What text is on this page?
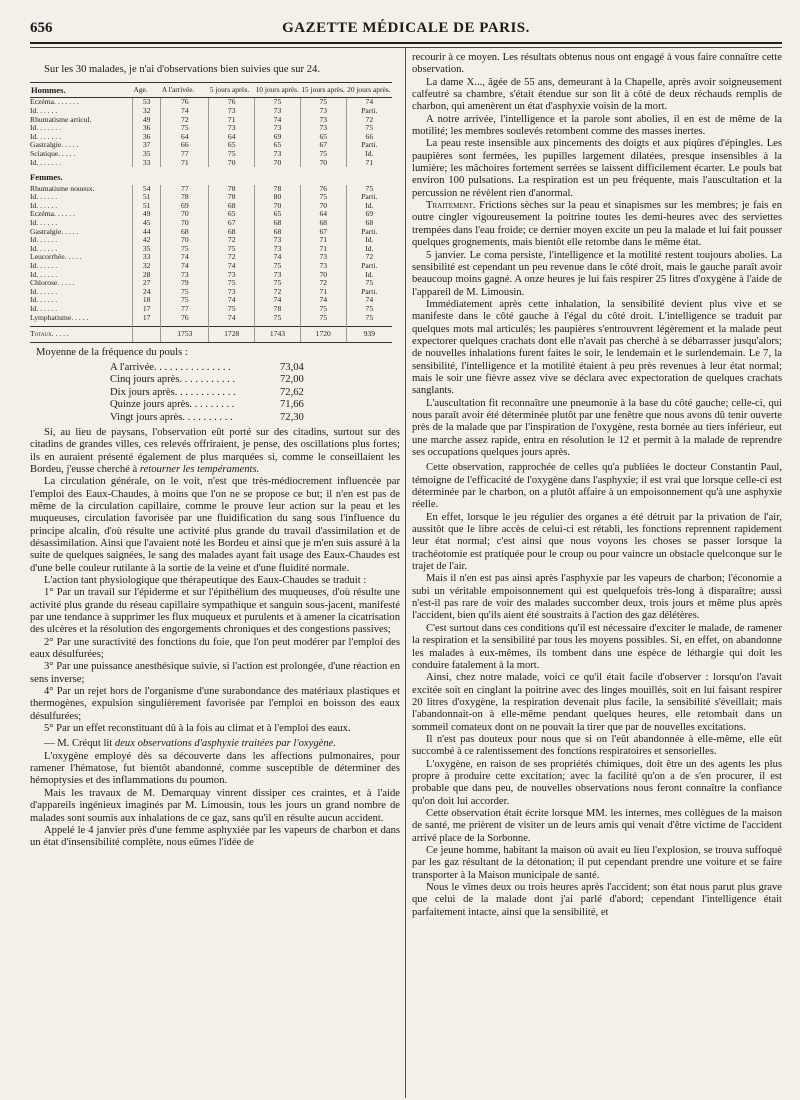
656	GAZETTE MÉDICALE DE PARIS.

Sur les 30 malades, je n'ai d'observations bien suivies que sur 24.

Hommes.	Age.	A l'arrivée.	5 jours après.	10 jours après.	15 jours après.	20 jours après.
Eczéma. . . . . . .	53	76	76	75	75	74
Id. . . . . .	32	74	73	73	73	Parti.
Rhumatisme articul.	49	72	71	74	73	72
Id. . . . . . .	36	75	73	73	73	75
Id. . . . . . .	36	64	64	69	65	66
Gastralgie. . . . .	37	66	65	65	67	Parti.
Sciatique. . . . .	35	77	75	73	75	Id.
Id. . . . . . .	33	71	70	70	70	71
Femmes.						
Rhumatisme noueux.	54	77	78	78	76	75
Id. . . . . .	51	78	78	80	75	Parti.
Id. . . . . .	51	69	68	70	70	Id.
Eczéma. . . . . .	49	70	65	65	64	69
Id. . . . . .	45	70	67	68	68	68
Gastralgie. . . . .	44	68	68	68	67	Parti.
Id. . . . . .	42	70	72	73	71	Id.
Id. . . . . .	35	75	75	73	71	Id.
Leucorrhée. . . . .	33	74	72	74	73	72
Id. . . . . .	32	74	74	75	73	Parti.
Id. . . . . .	28	73	73	73	70	Id.
Chlorose. . . . .	27	79	75	75	72	75
Id. . . . . .	24	75	73	72	71	Parti.
Id. . . . . .	18	75	74	74	74	74
Id. . . . . .	17	77	75	78	75	75
Lymphatisme. . . . .	17	76	74	75	75	75

Totaux. . . . .		1753	1728	1743	1720	939

Moyenne de la fréquence du pouls :

A l'arrivée. . . . . . . . . . . . . . .	73,04
Cinq jours après. . . . . . . . . . .	72,00
Dix jours après. . . . . . . . . . . .	72,62
Quinze jours après. . . . . . . . .	71,66
Vingt jours après. . . . . . . . . .	72,30

Si, au lieu de paysans, l'observation eût porté sur des citadins, surtout sur des citadins de grandes villes, ces relevés offriraient, je pense, des oscillations plus fortes; ils en auraient présenté également de plus marquées si, comme le conseillaient les Bordeu, j'eusse cherché à retourner les tempéraments.

La circulation générale, on le voit, n'est que très-médiocrement influencée par l'emploi des Eaux-Chaudes, à moins que l'on ne se propose ce but; il n'en est pas de même de la circulation capillaire, comme le prouve leur action sur la peau et les muqueuses, circulation favorisée par une fluidification du sang sous l'influence du principe alcalin, d'où résulte une activité plus grande du travail d'assimilation et de désassimilation. Ainsi que l'avaient noté les Bordeu et ainsi que je m'en suis assuré à la suite de quelques saignées, le sang des malades ayant fait usage des Eaux-Chaudes est d'une belle couleur rutilante à la sortie de la veine et d'une fluidité normale.

L'action tant physiologique que thérapeutique des Eaux-Chaudes se traduit :

1° Par un travail sur l'épiderme et sur l'épithélium des muqueuses, d'où résulte une activité plus grande du réseau capillaire sympathique et sanguin sous-jacent, manifesté par une tendance à supprimer les flux muqueux et purulents et à amener la cicatrisation des ulcères et la résolution des engorgements chroniques et des congestions passives;

2° Par une suractivité des fonctions du foie, que l'on peut modérer par l'emploi des eaux désulfurées;

3° Par une puissance anesthésique suivie, si l'action est prolongée, d'une réaction en sens inverse;

4° Par un rejet hors de l'organisme d'une surabondance des matériaux plastiques et thermogènes, expulsion singulièrement favorisée par l'emploi en boisson des eaux désulfurées;

5° Par un effet reconstituant dû à la fois au climat et à l'emploi des eaux.

— M. Créqut lit deux observations d'asphyxie traitées par l'oxygène.

L'oxygène employé dès sa découverte dans les affections pulmonaires, pour ramener l'hématose, fut bientôt abandonné, comme susceptible de déterminer des hémoptysies et des inflammations du poumon.

Mais les travaux de M. Demarquay vinrent dissiper ces craintes, et à l'aide d'appareils ingénieux imaginés par M. Limousin, tous les jours un grand nombre de malades sont soumis aux inhalations de ce gaz, sans qu'il en résulte aucun accident.

Appelé le 4 janvier près d'une femme asphyxiée par les vapeurs de charbon et dans un état d'insensibilité complète, nous eûmes l'idée de

recourir à ce moyen. Les résultats obtenus nous ont engagé à vous faire connaître cette observation.

La dame X..., âgée de 55 ans, demeurant à la Chapelle, après avoir soigneusement calfeutré sa chambre, s'était étendue sur son lit à côté de deux réchauds remplis de charbon, qui amenèrent un état d'asphyxie voisin de la mort.

A notre arrivée, l'intelligence et la parole sont abolies, il en est de même de la motilité; les membres soulevés retombent comme des masses inertes.

La peau reste insensible aux pincements des doigts et aux piqûres d'épingles. Les paupières sont fermées, les pupilles largement dilatées, presque insensibles à la lumière; les mâchoires fortement serrées se laissent difficilement écarter. Le pouls bat environ 100 pulsations. La respiration est un peu fréquente, mais l'auscultation et la percussion ne révèlent rien d'anormal.

Traitement. Frictions sèches sur la peau et sinapismes sur les membres; je fais en outre cingler vigoureusement la poitrine toutes les demi-heures avec des serviettes trempées dans l'eau froide; ce dernier moyen excite un peu la malade et lui fait pousser quelques grognements, mais bientôt elle retombe dans le même état.

5 janvier. Le coma persiste, l'intelligence et la motilité restent toujours abolies. La sensibilité est cependant un peu revenue dans le côté droit, mais le gauche paraît avoir beaucoup moins gagné. A onze heures je lui fais respirer 25 litres d'oxygène à l'aide de l'appareil de M. Limousin.

Immédiatement après cette inhalation, la sensibilité devient plus vive et se manifeste dans le côté gauche à l'égal du côté droit. L'intelligence se traduit par quelques mots mal articulés; les paupières s'entrouvrent légèrement et la malade peut expectorer quelques crachats dont elle n'avait pas cherché à se débarrasser jusqu'alors; de nouvelles inhalations furent faites le soir, le lendemain et le surlendemain. Le 7, la sensibilité, l'intelligence et la motilité étaient à peu près revenues à leur état normal; mais le soir une fièvre assez vive se déclara avec expectoration de quelques crachats sanglants.

L'auscultation fit reconnaître une pneumonie à la base du côté gauche; celle-ci, qui nous paraît avoir été déterminée plutôt par une fenêtre que nous avons dû tenir ouverte près de la malade que par l'inspiration de l'oxygène, resta bornée au tiers inférieur, eut une marche assez rapide, entra en résolution le 12 et permit à la malade de reprendre ses occupations quelques jours après.

Cette observation, rapprochée de celles qu'a publiées le docteur Constantin Paul, témoigne de l'efficacité de l'oxygène dans l'asphyxie; il est vrai que lorsque celle-ci est déterminée par le charbon, on a plutôt affaire à un empoisonnement qu'à une asphyxie réelle.

En effet, lorsque le jeu régulier des organes a été détruit par la privation de l'air, aussitôt que le libre accès de celui-ci est rétabli, les fonctions reprennent rapidement leur état normal; c'est ainsi que nous voyons les choses se passer lorsque la trachéotomie est pratiquée pour le croup ou pour vaincre un obstacle quelconque sur le trajet de l'air.

Mais il n'en est pas ainsi après l'asphyxie par les vapeurs de charbon; l'économie a subi un véritable empoisonnement qui est quelquefois très-long à disparaître; aussi n'est-il pas rare de voir des malades succomber deux, trois jours et même plus après l'accident, bien qu'ils aient été soustraits à l'action des gaz délétères.

C'est surtout dans ces conditions qu'il est nécessaire d'exciter le malade, de ramener la respiration et la sensibilité par tous les moyens possibles. Si, en effet, on abandonne les malades à eux-mêmes, ils tombent dans une espèce de léthargie qui doit les conduire fatalement à la mort.

Ainsi, chez notre malade, voici ce qu'il était facile d'observer : lorsqu'on l'avait excitée soit en cinglant la poitrine avec des linges mouillés, soit en lui faisant respirer 20 litres d'oxygène, la respiration devenait plus facile, la sensibilité s'éveillait; mais l'abandonnait-on à elle-même pendant quelques heures, elle retombait dans un sommeil comateux dont on ne pouvait la tirer que par de nouvelles excitations.

Il n'est pas douteux pour nous que si on l'eût abandonnée à elle-même, elle eût succombé à ce ralentissement des fonctions respiratoires et sensorielles.

L'oxygène, en raison de ses propriétés chimiques, doit être un des agents les plus propre à produire cette excitation; avec la facilité qu'on a de s'en procurer, il est probable que dans peu, de nouvelles observations nous feront connaître la confiance qu'on doit lui accorder.

Cette observation était écrite lorsque MM. les internes, mes collègues de la maison de santé, me prièrent de visiter un de leurs amis qui venait d'être victime de l'accident arrivé place de la Sorbonne.

Ce jeune homme, habitant la maison où avait eu lieu l'explosion, se trouva suffoqué par les gaz résultant de la détonation; il put cependant prendre une voiture et se faire transporter à la Maison municipale de santé.

Nous le vîmes deux ou trois heures après l'accident; son état nous parut plus grave que celui de la malade dont j'ai parlé d'abord; cependant l'intelligence était parfaitement intacte, ainsi que la sensibilité, et
